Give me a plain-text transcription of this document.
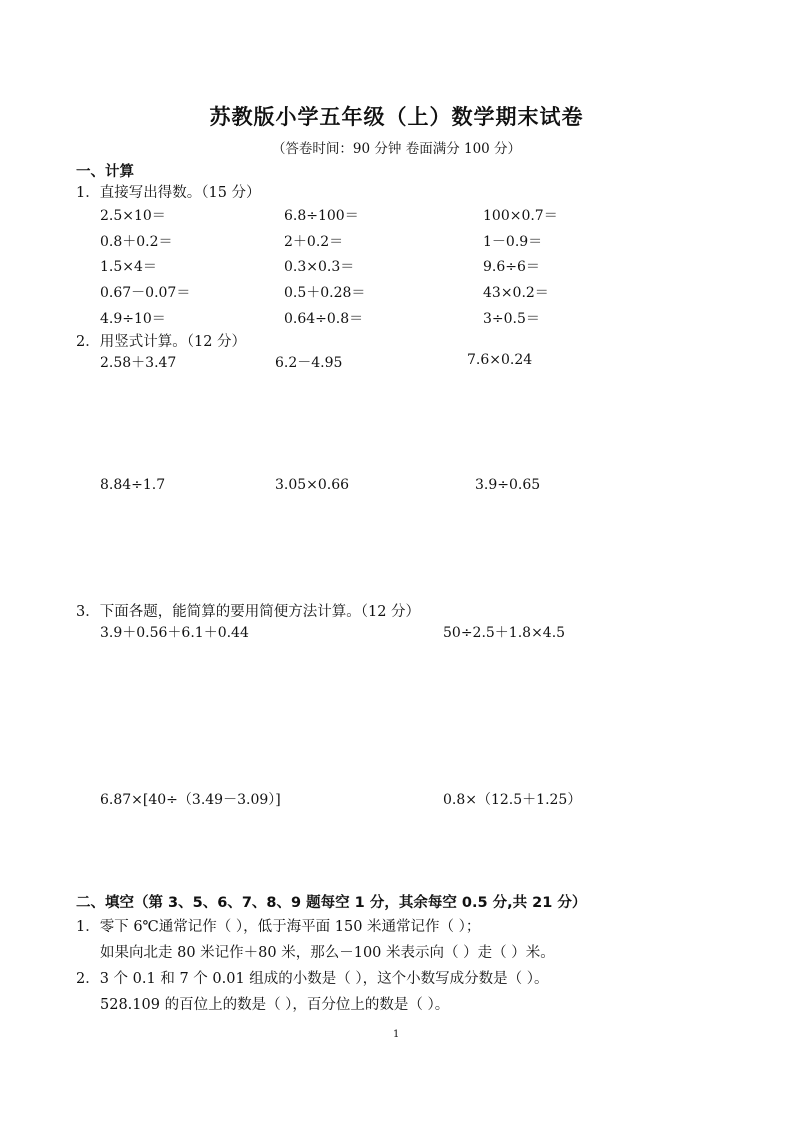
苏教版小学五年级（上）数学期末试卷
（答卷时间：90 分钟 卷面满分 100 分）
一、计算
1．直接写出得数。（15 分）
2.5×10＝	6.8÷100＝	100×0.7＝
0.8＋0.2＝	2＋0.2＝	1－0.9＝
1.5×4＝	0.3×0.3＝	9.6÷6＝
0.67－0.07＝	0.5＋0.28＝	43×0.2＝
4.9÷10＝	0.64÷0.8＝	3÷0.5＝
2．用竖式计算。（12 分）
2.58＋3.47	6.2－4.95	7.6×0.24
8.84÷1.7	3.05×0.66	3.9÷0.65
3．下面各题，能简算的要用简便方法计算。（12 分）
3.9＋0.56＋6.1＋0.44	50÷2.5＋1.8×4.5
6.87×[40÷（3.49－3.09）]	0.8×（12.5＋1.25）
二、填空（第 3、5、6、7、8、9 题每空 1 分，其余每空 0.5 分,共 21 分）
1．零下 6℃通常记作（ ），低于海平面 150 米通常记作（ ）；
如果向北走 80 米记作＋80 米，那么－100 米表示向（ ）走（ ）米。
2．3 个 0.1 和 7 个 0.01 组成的小数是（ ），这个小数写成分数是（ ）。
528.109 的百位上的数是（ ），百分位上的数是（ ）。
1
